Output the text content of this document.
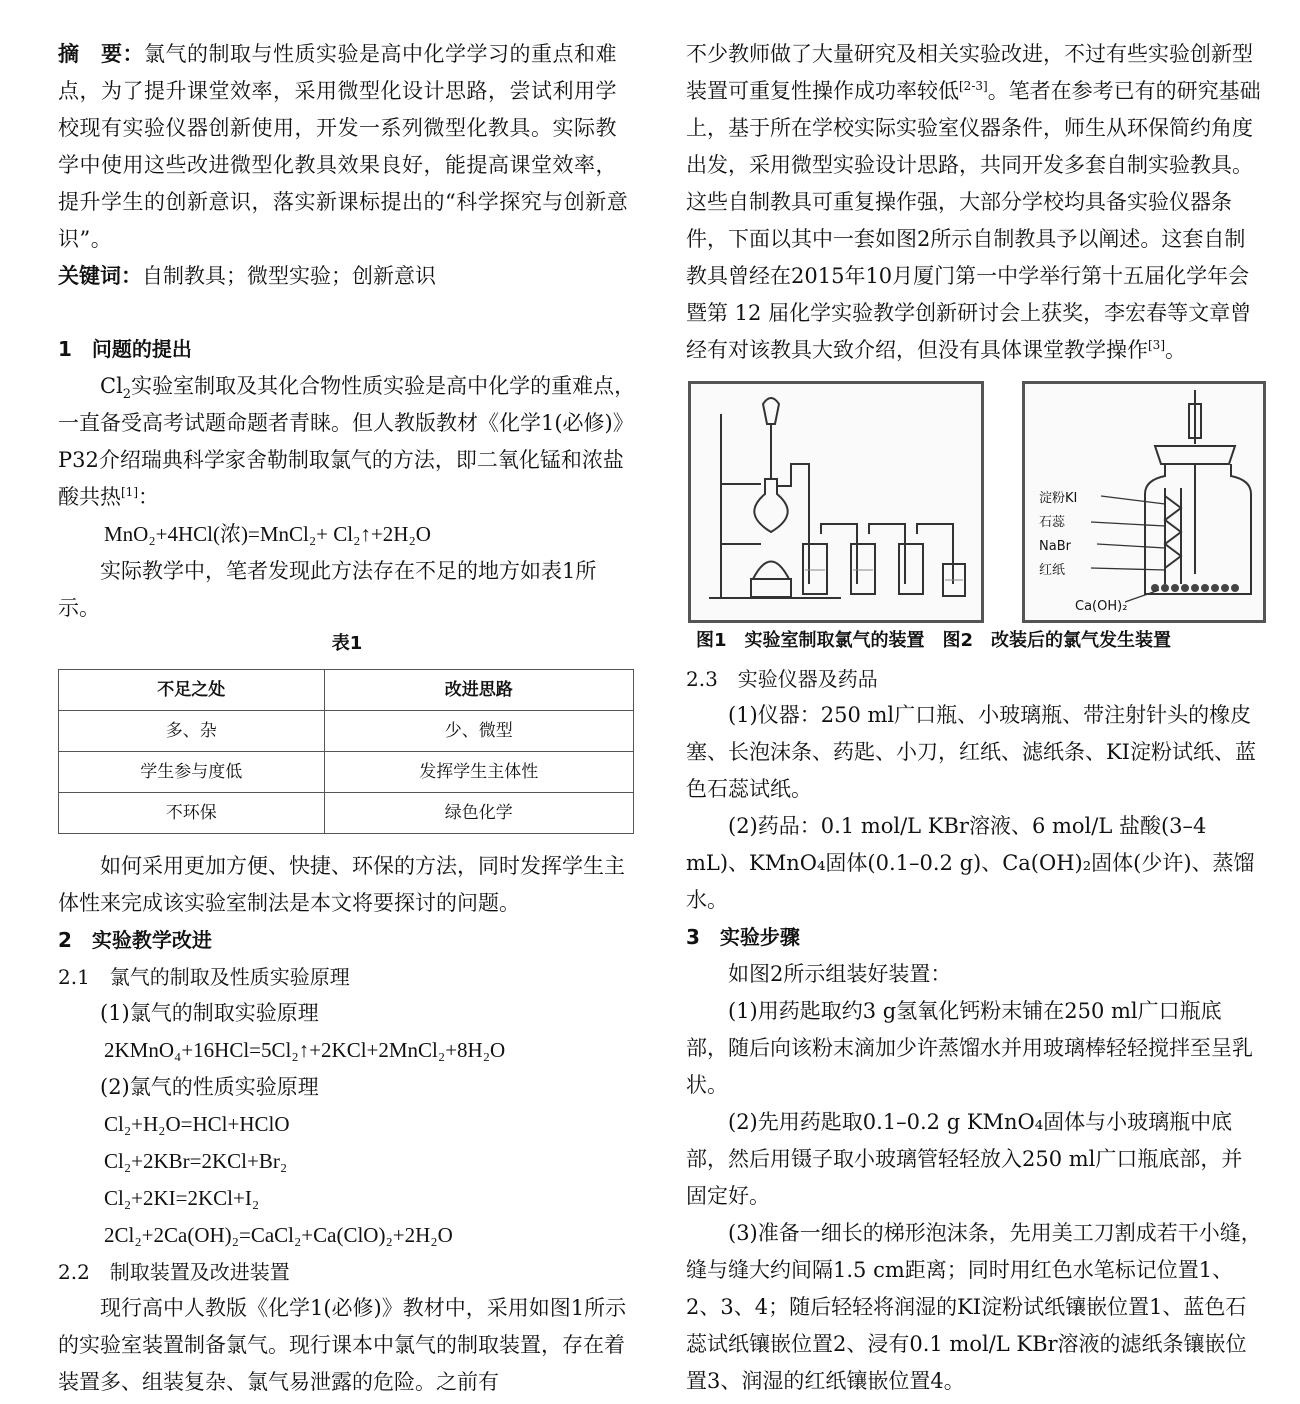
摘　要：氯气的制取与性质实验是高中化学学习的重点和难点，为了提升课堂效率，采用微型化设计思路，尝试利用学校现有实验仪器创新使用，开发一系列微型化教具。实际教学中使用这些改进微型化教具效果良好，能提高课堂效率，提升学生的创新意识，落实新课标提出的“科学探究与创新意识”。

关键词：自制教具；微型实验；创新意识

1　问题的提出

$Cl_2$实验室制取及其化合物性质实验是高中化学的重难点，一直备受高考试题命题者青睐。但人教版教材《化学1(必修)》P32介绍瑞典科学家舍勒制取氯气的方法，即二氧化锰和浓盐酸共热[1]：

MnO₂+4HCl(浓)=MnCl₂+ Cl₂↑+2H₂O

实际教学中，笔者发现此方法存在不足的地方如表1所示。

表1

不足之处	改进思路
多、杂	少、微型
学生参与度低	发挥学生主体性
不环保	绿色化学

如何采用更加方便、快捷、环保的方法，同时发挥学生主体性来完成该实验室制法是本文将要探讨的问题。

2　实验教学改进

2.1　氯气的制取及性质实验原理

(1)氯气的制取实验原理

2KMnO₄+16HCl=5Cl₂↑+2KCl+2MnCl₂+8H₂O

(2)氯气的性质实验原理

Cl₂+H₂O=HCl+HClO

Cl₂+2KBr=2KCl+Br₂

Cl₂+2KI=2KCl+I₂

2Cl₂+2Ca(OH)₂=CaCl₂+Ca(ClO)₂+2H₂O

2.2　制取装置及改进装置

现行高中人教版《化学1(必修)》教材中，采用如图1所示的实验室装置制备氯气。现行课本中氯气的制取装置，存在着装置多、组装复杂、氯气易泄露的危险。之前有

不少教师做了大量研究及相关实验改进，不过有些实验创新型装置可重复性操作成功率较低[2-3]。笔者在参考已有的研究基础上，基于所在学校实际实验室仪器条件，师生从环保简约角度出发，采用微型实验设计思路，共同开发多套自制实验教具。这些自制教具可重复操作强，大部分学校均具备实验仪器条件，下面以其中一套如图2所示自制教具予以阐述。这套自制教具曾经在2015年10月厦门第一中学举行第十五届化学年会暨第 12 届化学实验教学创新研讨会上获奖，李宏春等文章曾经有对该教具大致介绍，但没有具体课堂教学操作[3]。

淀粉KI
石蕊
NaBr
红纸
Ca(OH)₂

图1　实验室制取氯气的装置　图2　改装后的氯气发生装置

2.3　实验仪器及药品

(1)仪器：250 ml广口瓶、小玻璃瓶、带注射针头的橡皮塞、长泡沫条、药匙、小刀，红纸、滤纸条、KI淀粉试纸、蓝色石蕊试纸。

(2)药品：0.1 mol/L KBr溶液、6 mol/L 盐酸(3–4 mL)、KMnO₄固体(0.1–0.2 g)、Ca(OH)₂固体(少许)、蒸馏水。

3　实验步骤

如图2所示组装好装置：

(1)用药匙取约3 g氢氧化钙粉末铺在250 ml广口瓶底部，随后向该粉末滴加少许蒸馏水并用玻璃棒轻轻搅拌至呈乳状。

(2)先用药匙取0.1–0.2 g KMnO₄固体与小玻璃瓶中底部，然后用镊子取小玻璃管轻轻放入250 ml广口瓶底部，并固定好。

(3)准备一细长的梯形泡沫条，先用美工刀割成若干小缝，缝与缝大约间隔1.5 cm距离；同时用红色水笔标记位置1、2、3、4；随后轻轻将润湿的KI淀粉试纸镶嵌位置1、蓝色石蕊试纸镶嵌位置2、浸有0.1 mol/L KBr溶液的滤纸条镶嵌位置3、润湿的红纸镶嵌位置4。
